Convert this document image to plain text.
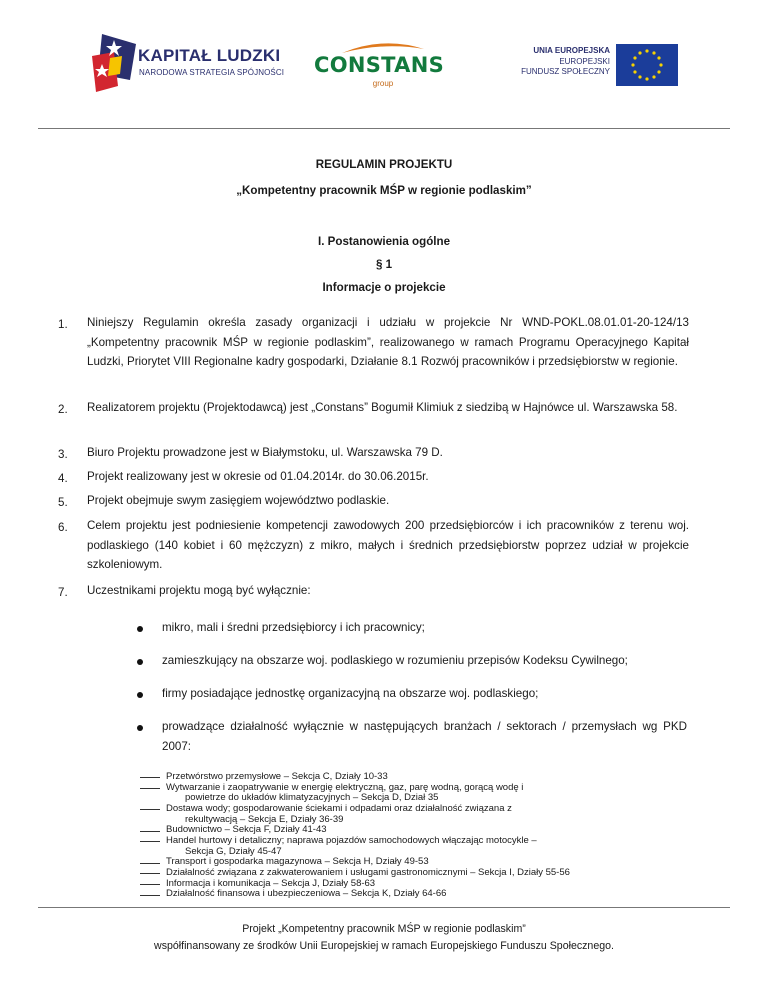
KAPITAŁ LUDZKI
NARODOWA STRATEGIA SPÓJNOŚCI CONSTANS
group
UNIA EUROPEJSKA
EUROPEJSKI
FUNDUSZ SPOŁECZNY
REGULAMIN PROJEKTU
„Kompetentny pracownik MŚP w regionie podlaskim”
I. Postanowienia ogólne
§ 1
Informacje o projekcie
1. Niniejszy Regulamin określa zasady organizacji i udziału w projekcie Nr WND-POKL.08.01.01-20-124/13 „Kompetentny pracownik MŚP w regionie podlaskim”, realizowanego w ramach Programu Operacyjnego Kapitał Ludzki, Priorytet VIII Regionalne kadry gospodarki, Działanie 8.1 Rozwój pracowników i przedsiębiorstw w regionie.
2. Realizatorem projektu (Projektodawcą) jest „Constans” Bogumił Klimiuk z siedzibą w Hajnówce ul. Warszawska 58.
3. Biuro Projektu prowadzone jest w Białymstoku, ul. Warszawska 79 D.
4. Projekt realizowany jest w okresie od 01.04.2014r. do 30.06.2015r.
5. Projekt obejmuje swym zasięgiem województwo podlaskie.
6. Celem projektu jest podniesienie kompetencji zawodowych 200 przedsiębiorców i ich pracowników z terenu woj. podlaskiego (140 kobiet i 60 mężczyzn) z mikro, małych i średnich przedsiębiorstw poprzez udział w projekcie szkoleniowym.
7. Uczestnikami projektu mogą być wyłącznie:
mikro, mali i średni przedsiębiorcy i ich pracownicy;
zamieszkujący na obszarze woj. podlaskiego w rozumieniu przepisów Kodeksu Cywilnego;
firmy posiadające jednostkę organizacyjną na obszarze woj. podlaskiego;
prowadzące działalność wyłącznie w następujących branżach / sektorach / przemysłach wg PKD 2007:
Projekt „Kompetentny pracownik MŚP w regionie podlaskim”
współfinansowany ze środków Unii Europejskiej w ramach Europejskiego Funduszu Społecznego.
Przetwórstwo przemysłowe – Sekcja C, Działy 10-33
Wytwarzanie i zaopatrywanie w energię elektryczną, gaz, parę wodną, gorącą wodę i
powietrze do układów klimatyzacyjnych – Sekcja D, Dział 35
Dostawa wody; gospodarowanie ściekami i odpadami oraz działalność związana z
rekultywacją – Sekcja E, Działy 36-39
Budownictwo – Sekcja F, Działy 41-43
Handel hurtowy i detaliczny; naprawa pojazdów samochodowych włączając motocykle –
Sekcja G, Działy 45-47
Transport i gospodarka magazynowa – Sekcja H, Działy 49-53
Działalność związana z zakwaterowaniem i usługami gastronomicznymi – Sekcja I, Działy 55-56
Informacja i komunikacja – Sekcja J, Działy 58-63
Działalność finansowa i ubezpieczeniowa – Sekcja K, Działy 64-66
